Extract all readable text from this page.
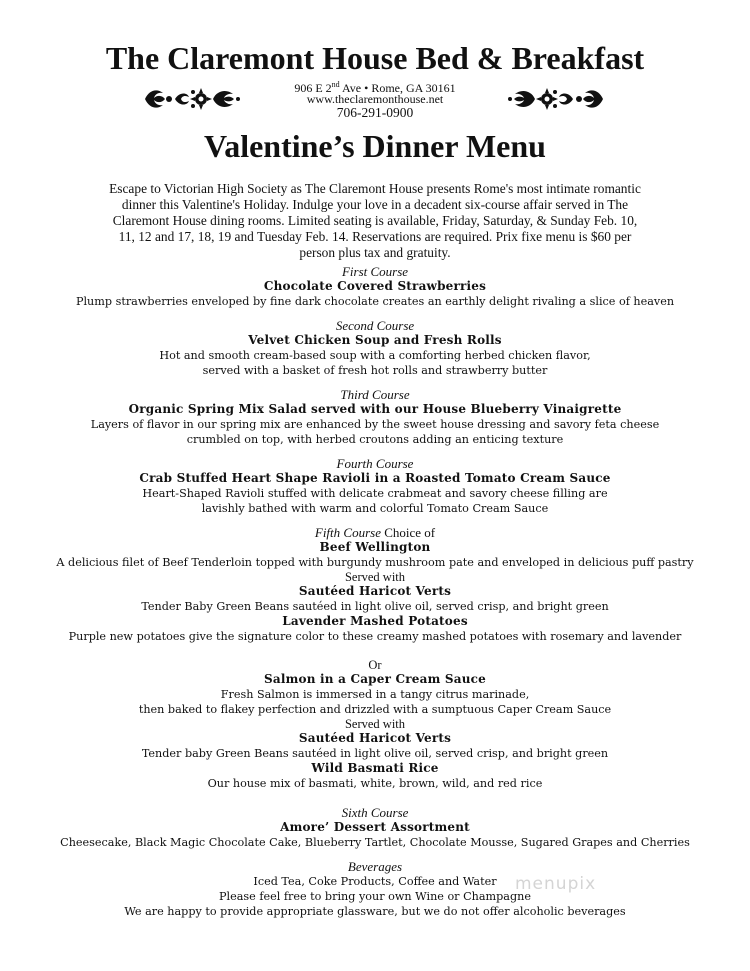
The Claremont House Bed & Breakfast
906 E 2nd Ave • Rome, GA 30161
www.theclaremonthouse.net
706-291-0900
Valentine’s Dinner Menu
Escape to Victorian High Society as The Claremont House presents Rome's most intimate romantic
dinner this Valentine's Holiday. Indulge your love in a decadent six-course affair served in The
Claremont House dining rooms. Limited seating is available, Friday, Saturday, & Sunday Feb. 10,
11, 12 and 17, 18, 19 and Tuesday Feb. 14. Reservations are required. Prix fixe menu is $60 per
person plus tax and gratuity.
First Course
Chocolate Covered Strawberries
Plump strawberries enveloped by fine dark chocolate creates an earthly delight rivaling a slice of heaven
Second Course
Velvet Chicken Soup and Fresh Rolls
Hot and smooth cream-based soup with a comforting herbed chicken flavor,
served with a basket of fresh hot rolls and strawberry butter
Third Course
Organic Spring Mix Salad served with our House Blueberry Vinaigrette
Layers of flavor in our spring mix are enhanced by the sweet house dressing and savory feta cheese
crumbled on top, with herbed croutons adding an enticing texture
Fourth Course
Crab Stuffed Heart Shape Ravioli in a Roasted Tomato Cream Sauce
Heart-Shaped Ravioli stuffed with delicate crabmeat and savory cheese filling are
lavishly bathed with warm and colorful Tomato Cream Sauce
Fifth Course Choice of
Beef Wellington
A delicious filet of Beef Tenderloin topped with burgundy mushroom pate and enveloped in delicious puff pastry
Served with
Sautéed Haricot Verts
Tender Baby Green Beans sautéed in light olive oil, served crisp, and bright green
Lavender Mashed Potatoes
Purple new potatoes give the signature color to these creamy mashed potatoes with rosemary and lavender
Or
Salmon in a Caper Cream Sauce
Fresh Salmon is immersed in a tangy citrus marinade,
then baked to flakey perfection and drizzled with a sumptuous Caper Cream Sauce
Served with
Sautéed Haricot Verts
Tender baby Green Beans sautéed in light olive oil, served crisp, and bright green
Wild Basmati Rice
Our house mix of basmati, white, brown, wild, and red rice
Sixth Course
Amore’ Dessert Assortment
Cheesecake, Black Magic Chocolate Cake, Blueberry Tartlet, Chocolate Mousse, Sugared Grapes and Cherries
Beverages
Iced Tea, Coke Products, Coffee and Water
Please feel free to bring your own Wine or Champagne
We are happy to provide appropriate glassware, but we do not offer alcoholic beverages
menupix
